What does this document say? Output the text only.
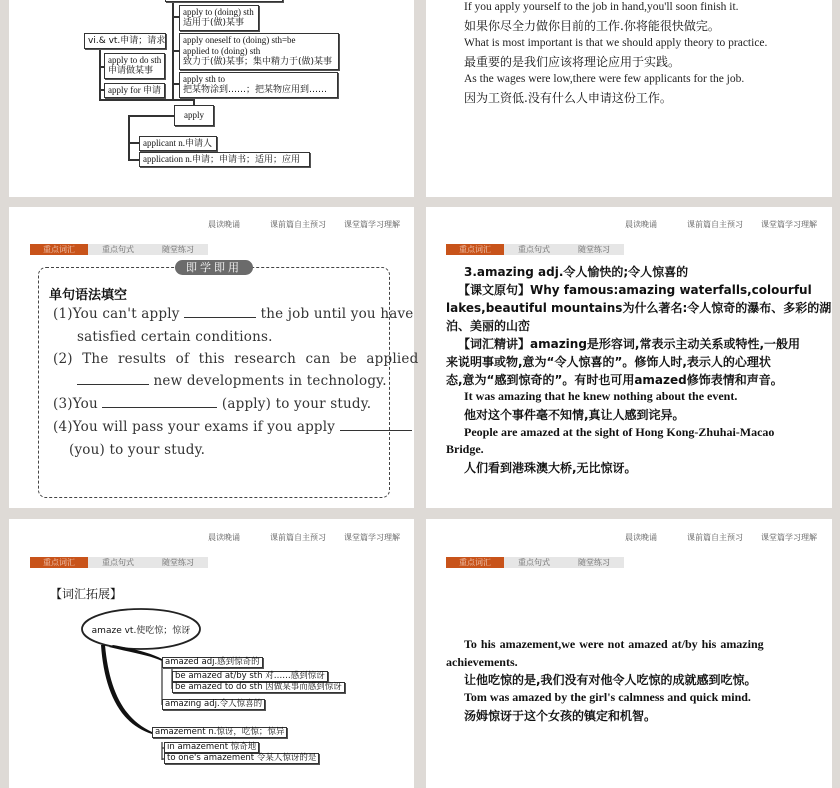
apply to (doing) sth
适用于(做)某事
vi.& vt.申请；请求 apply oneself to (doing) sth=be
applied to (doing) sth
致力于(做)某事；集中精力于(做)某事
apply to do sth
申请做某事
apply sth to
把某物涂到……；把某物应用到……
apply for 申请
apply
applicant n.申请人
application n.申请；申请书；适用；应用
If you apply yourself to the job in hand,you'll soon finish it.
如果你尽全力做你目前的工作.你将能很快做完。
What is most important is that we should apply theory to practice.
最重要的是我们应该将理论应用于实践。
As the wages were low,there were few applicants for the job.
因为工资低.没有什么人申请这份工作。
晨读晚诵	课前篇自主预习 课堂篇学习理解
重点词汇	重点句式	随堂练习
即学即用
单句语法填空
(1)You can't apply	the job until you have
satisfied certain conditions.
(2) The results of this research can be applied
new developments in technology.
(3)You	(apply) to your study.
(4)You will pass your exams if you apply
(you) to your study.
晨读晚诵	课前篇自主预习 课堂篇学习理解
重点词汇	重点句式	随堂练习
3.amazing adj.令人愉快的;令人惊喜的
【课文原句】Why famous:amazing waterfalls,colourful
lakes,beautiful mountains为什么著名:令人惊奇的瀑布、多彩的湖
泊、美丽的山峦
【词汇精讲】amazing是形容词,常表示主动关系或特性,一般用
来说明事或物,意为“令人惊喜的”。修饰人时,表示人的心理状
态,意为“感到惊奇的”。有时也可用amazed修饰表情和声音。
It was amazing that he knew nothing about the event.
他对这个事件毫不知情,真让人感到诧异。
People are amazed at the sight of Hong Kong-Zhuhai-Macao
Bridge.
人们看到港珠澳大桥,无比惊讶。
晨读晚诵	课前篇自主预习 课堂篇学习理解
重点词汇	重点句式	随堂练习
【词汇拓展】
amaze vt.使吃惊；惊讶
amazed adj.感到惊奇的
be amazed at/by sth 对……感到惊讶
be amazed to do sth 因做某事而感到惊讶
amazing adj.令人惊喜的
amazement n.惊讶，吃惊；惊异
in amazement 惊奇地
to one's amazement 令某人惊讶的是
晨读晚诵	课前篇自主预习 课堂篇学习理解
重点词汇	重点句式	随堂练习
To his amazement,we were not amazed at/by his amazing
achievements.
让他吃惊的是,我们没有对他令人吃惊的成就感到吃惊。
Tom was amazed by the girl's calmness and quick mind.
汤姆惊讶于这个女孩的镇定和机智。
